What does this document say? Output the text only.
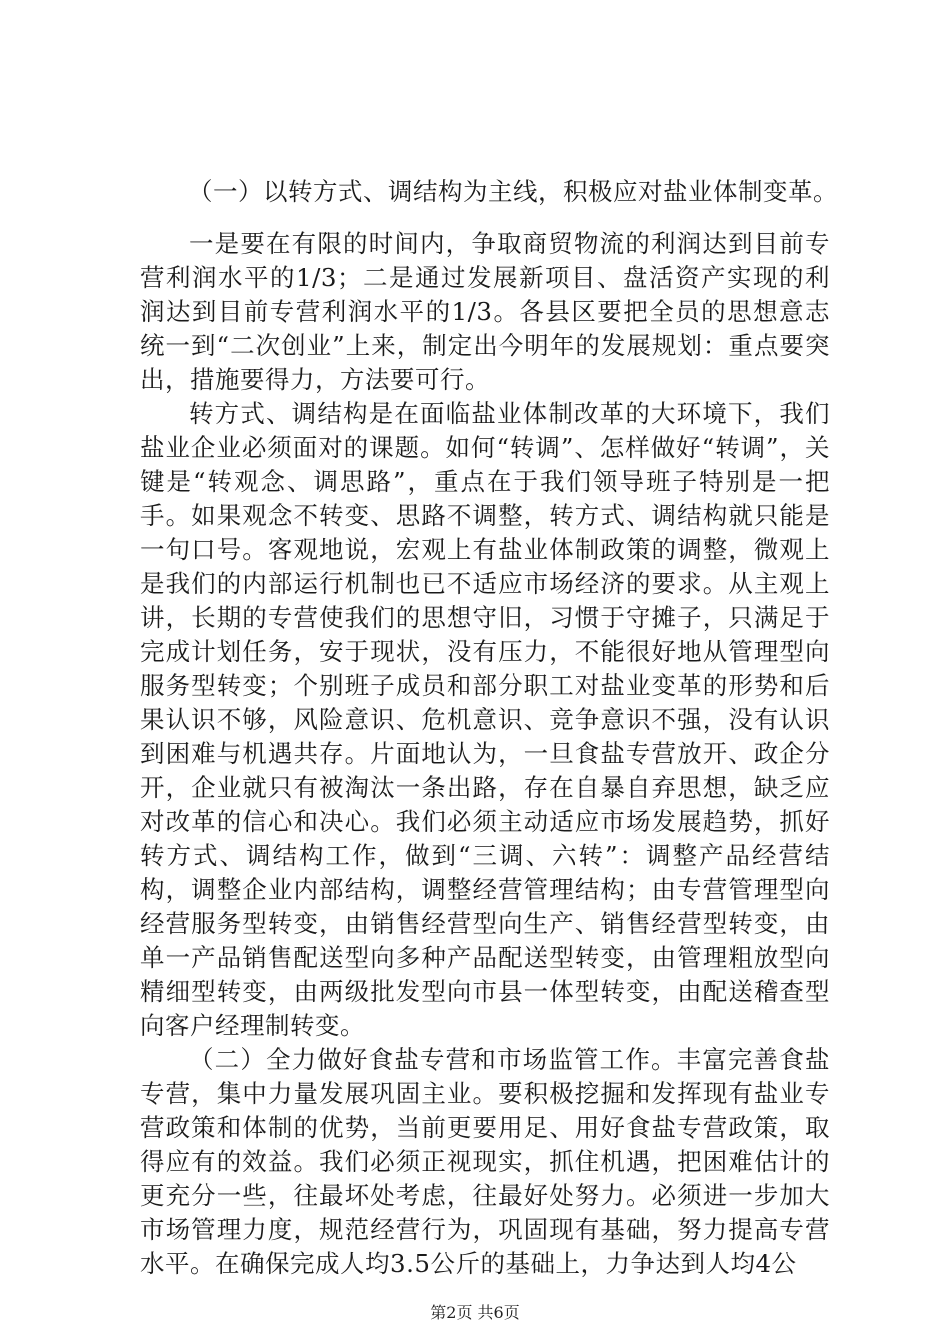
（一）以转方式、调结构为主线，积极应对盐业体制变革。

一是要在有限的时间内，争取商贸物流的利润达到目前专营利润水平的1/3；二是通过发展新项目、盘活资产实现的利润达到目前专营利润水平的1/3。各县区要把全员的思想意志统一到“二次创业”上来，制定出今明年的发展规划：重点要突出，措施要得力，方法要可行。

转方式、调结构是在面临盐业体制改革的大环境下，我们盐业企业必须面对的课题。如何“转调”、怎样做好“转调”，关键是“转观念、调思路”，重点在于我们领导班子特别是一把手。如果观念不转变、思路不调整，转方式、调结构就只能是一句口号。客观地说，宏观上有盐业体制政策的调整，微观上是我们的内部运行机制也已不适应市场经济的要求。从主观上讲，长期的专营使我们的思想守旧，习惯于守摊子，只满足于完成计划任务，安于现状，没有压力，不能很好地从管理型向服务型转变；个别班子成员和部分职工对盐业变革的形势和后果认识不够，风险意识、危机意识、竞争意识不强，没有认识到困难与机遇共存。片面地认为，一旦食盐专营放开、政企分开，企业就只有被淘汰一条出路，存在自暴自弃思想，缺乏应对改革的信心和决心。我们必须主动适应市场发展趋势，抓好转方式、调结构工作，做到“三调、六转”：调整产品经营结构，调整企业内部结构，调整经营管理结构；由专营管理型向经营服务型转变，由销售经营型向生产、销售经营型转变，由单一产品销售配送型向多种产品配送型转变，由管理粗放型向精细型转变，由两级批发型向市县一体型转变，由配送稽查型向客户经理制转变。

（二）全力做好食盐专营和市场监管工作。丰富完善食盐专营，集中力量发展巩固主业。要积极挖掘和发挥现有盐业专营政策和体制的优势，当前更要用足、用好食盐专营政策，取得应有的效益。我们必须正视现实，抓住机遇，把困难估计的更充分一些，往最坏处考虑，往最好处努力。必须进一步加大市场管理力度，规范经营行为，巩固现有基础，努力提高专营水平。在确保完成人均3.5公斤的基础上，力争达到人均4公

第2页 共6页
